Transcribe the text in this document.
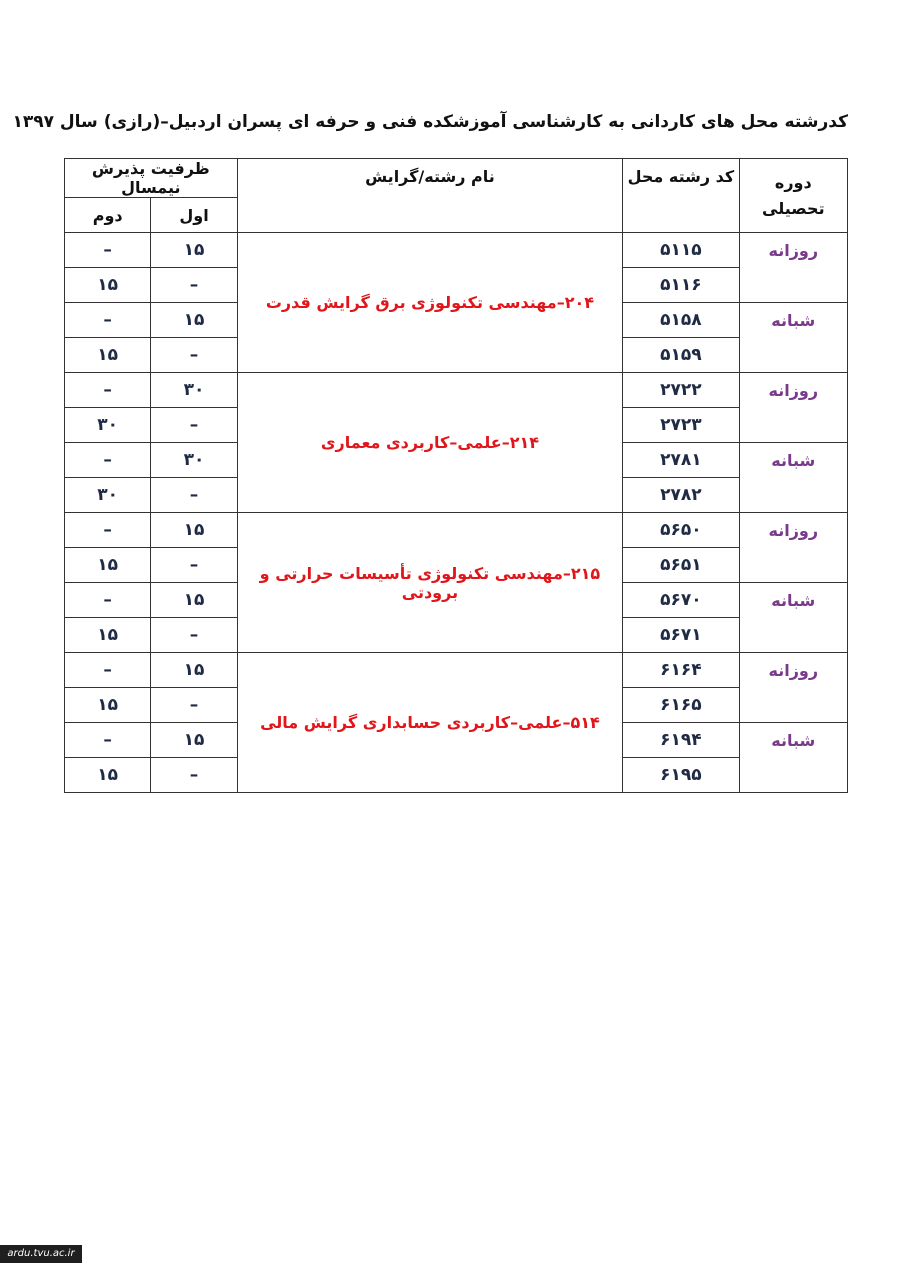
کدرشته محل های کاردانی به کارشناسی آموزشکده فنی و حرفه ای پسران اردبیل–(رازی) سال ۱۳۹۷
دوره
تحصیلی	کد رشته محل	نام رشته/گرایش	ظرفیت پذیرش نیمسال	
			اول	دوم
روزانه	۵۱۱۵	۲۰۴–مهندسی تکنولوژی برق گرایش قدرت	۱۵	–
	۵۱۱۶		–	۱۵
شبانه	۵۱۵۸		۱۵	–
	۵۱۵۹		–	۱۵
روزانه	۲۷۲۲	۲۱۴–علمی–کاربردی معماری	۳۰	–
	۲۷۲۳		–	۳۰
شبانه	۲۷۸۱		۳۰	–
	۲۷۸۲		–	۳۰
روزانه	۵۶۵۰	۲۱۵–مهندسی تکنولوژی تأسیسات حرارتی و برودتی	۱۵	–
	۵۶۵۱		–	۱۵
شبانه	۵۶۷۰		۱۵	–
	۵۶۷۱		–	۱۵
روزانه	۶۱۶۴	۵۱۴–علمی–کاربردی حسابداری گرایش مالی	۱۵	–
	۶۱۶۵		–	۱۵
شبانه	۶۱۹۴		۱۵	–
	۶۱۹۵		–	۱۵
ardu.tvu.ac.ir
